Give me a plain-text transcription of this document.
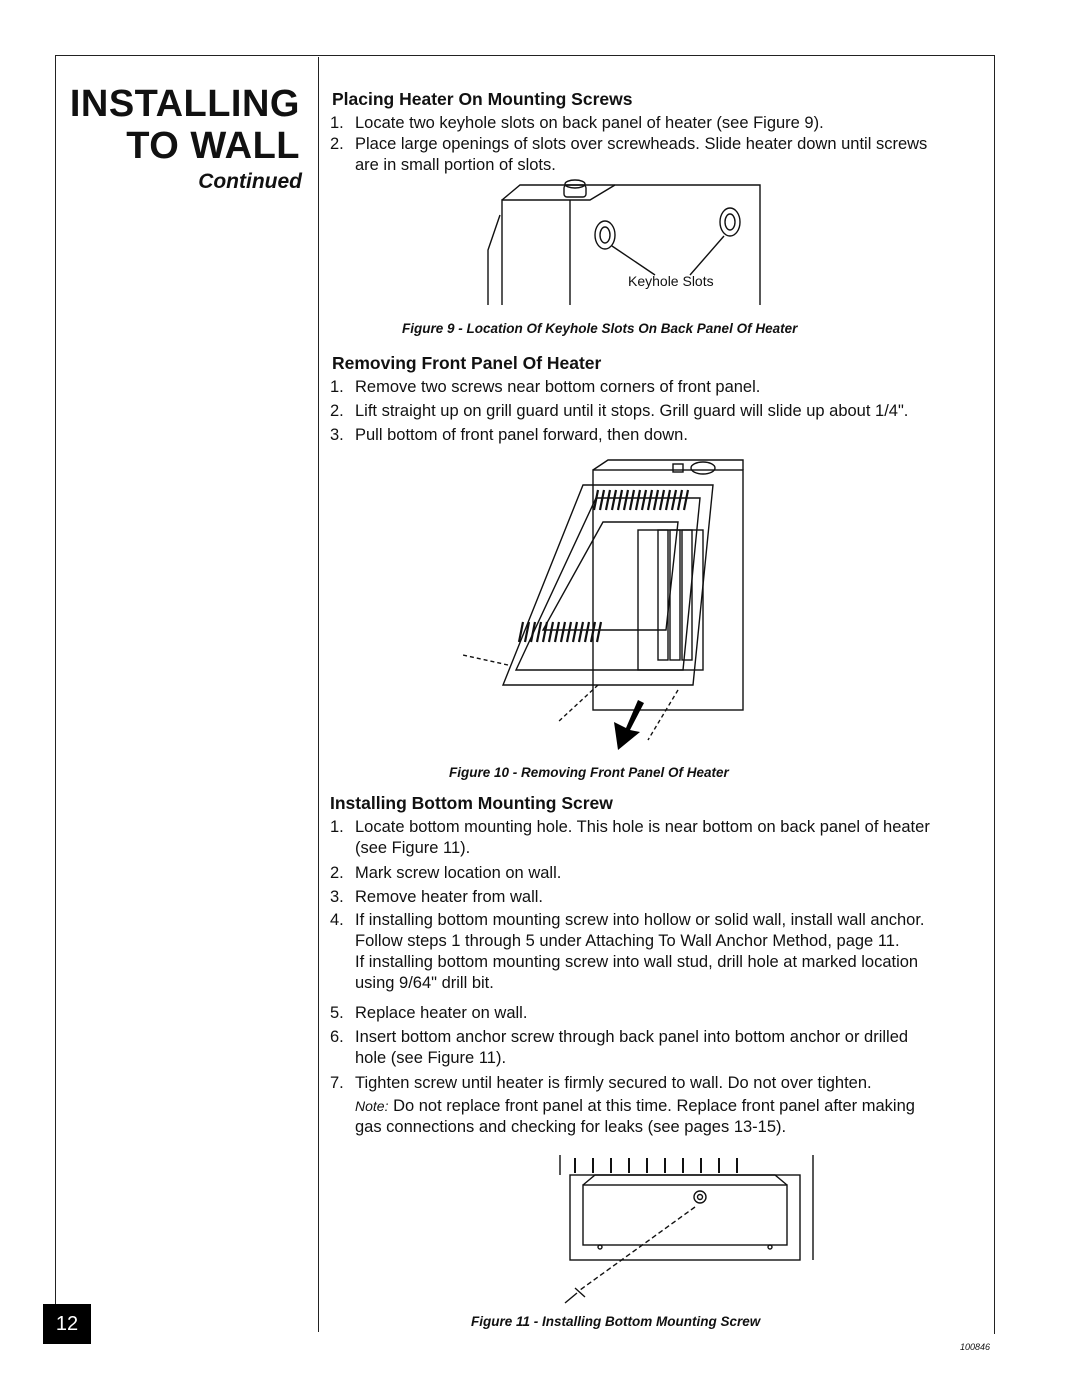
INSTALLING
TO WALL
Continued
12
100846
Placing Heater On Mounting Screws
1. Locate two keyhole slots on back panel of heater (see Figure 9).
2. Place large openings of slots over screwheads. Slide heater down until screws
are in small portion of slots.
Keyhole Slots
Figure 9 - Location Of Keyhole Slots On Back Panel Of Heater
Removing Front Panel Of Heater
1. Remove two screws near bottom corners of front panel.
2. Lift straight up on grill guard until it stops. Grill guard will slide up about 1/4".
3. Pull bottom of front panel forward, then down.
Figure 10 - Removing Front Panel Of Heater
Installing Bottom Mounting Screw
1. Locate bottom mounting hole. This hole is near bottom on back panel of heater
(see Figure 11).
2. Mark screw location on wall.
3. Remove heater from wall.
4. If installing bottom mounting screw into hollow or solid wall, install wall anchor.
Follow steps 1 through 5 under Attaching To Wall Anchor Method, page 11.
If installing bottom mounting screw into wall stud, drill hole at marked location
using 9/64" drill bit.
5. Replace heater on wall.
6. Insert bottom anchor screw through back panel into bottom anchor or drilled
hole (see Figure 11).
7. Tighten screw until heater is firmly secured to wall. Do not over tighten.
Note: Do not replace front panel at this time. Replace front panel after making
gas connections and checking for leaks (see pages 13-15).
Figure 11 - Installing Bottom Mounting Screw
